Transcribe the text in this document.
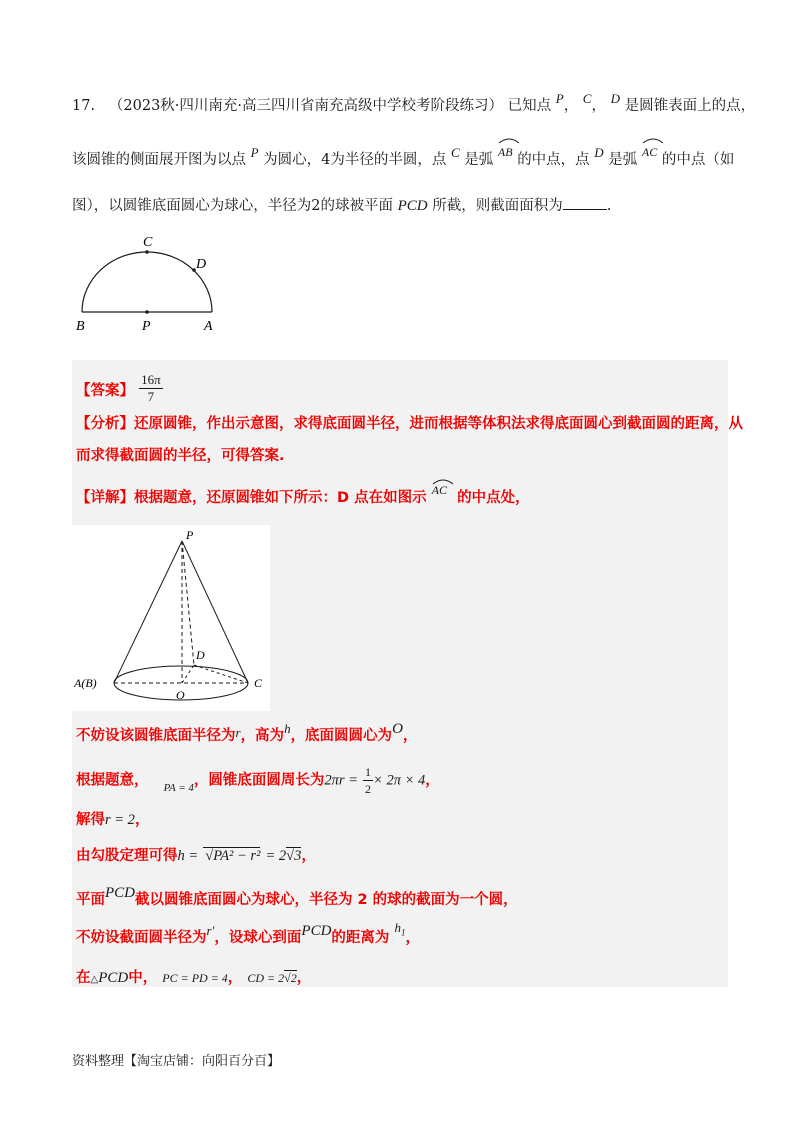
17. （2023秋·四川南充·高三四川省南充高级中学校考阶段练习） 已知点 P， C， D 是圆锥表面上的点，
该圆锥的侧面展开图为以点 P 为圆心，4为半径的半圆，点 C 是弧 AB 的中点，点 D 是弧 AC 的中点（如
图），以圆锥底面圆心为球心，半径为2的球被平面 PCD 所截，则截面面积为	.
C
D
B	P	A
【答案】 $\frac{16\pi}{7}$
【分析】还原圆锥，作出示意图，求得底面圆半径，进而根据等体积法求得底面圆心到截面圆的距离，从
而求得截面圆的半径，可得答案.
【详解】根据题意，还原圆锥如下所示：D 点在如图示 AC 的中点处，
P
D
A(B)
O
C
不妨设该圆锥底面半径为r，高为h，底面圆圆心为O，
根据题意， $_{PA = 4}$，圆锥底面圆周长为$2\pi r = \frac{1}{2} \times 2\pi \times 4$，
解得r = 2，
由勾股定理可得h = √PA² − r² = 2√3，
平面PCD截以圆锥底面圆心为球心，半径为 2 的球的截面为一个圆，
不妨设截面圆半径为r′，设球心到面PCD的距离为 $h_1$，
在△PCD中， PC = PD = 4， CD = 2√2，
资料整理【淘宝店铺：向阳百分百】
